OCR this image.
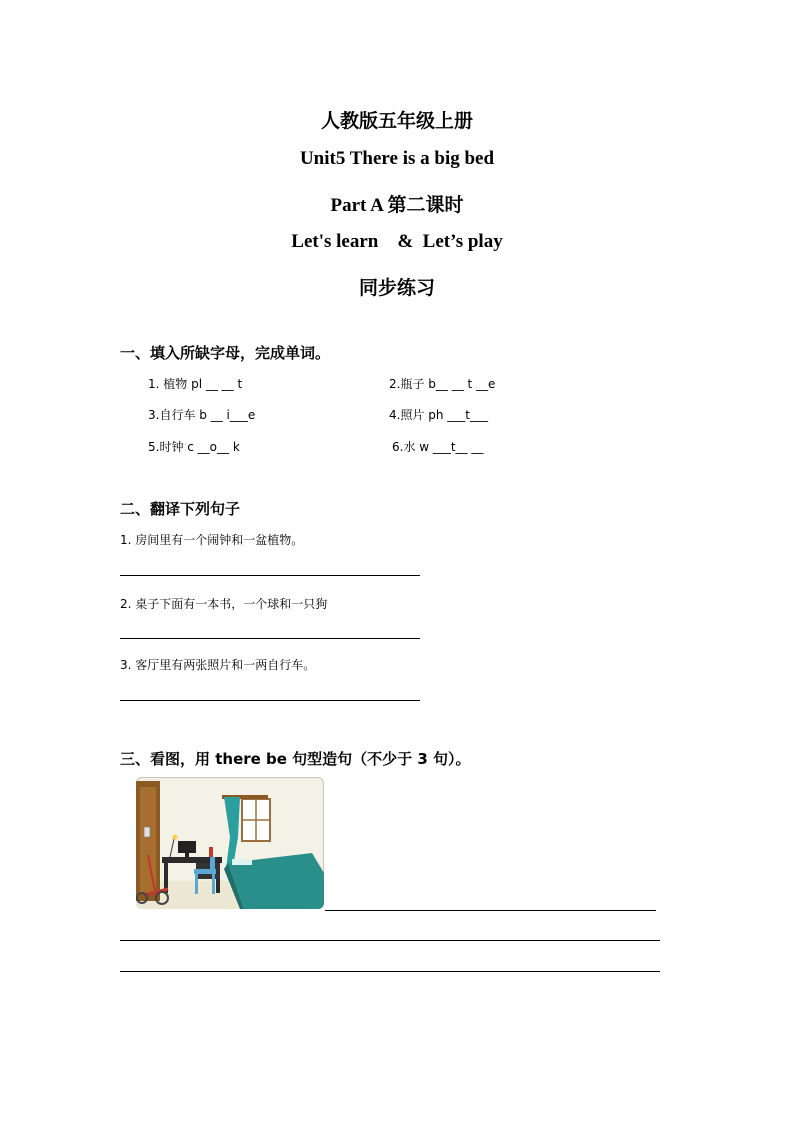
人教版五年级上册
Unit5 There is a big bed
Part A 第二课时
Let's learn    &  Let’s play
同步练习
一、填入所缺字母，完成单词。
1. 植物 pl __ __ t	2.瓶子 b__ __ t __e
3.自行车 b __ i___e	4.照片 ph ___t___
5.时钟 c __o__ k	6.水 w ___t__ __
二、翻译下列句子
1. 房间里有一个闹钟和一盆植物。
2. 桌子下面有一本书，一个球和一只狗
3. 客厅里有两张照片和一两自行车。
三、看图，用 there be 句型造句（不少于 3 句）。
